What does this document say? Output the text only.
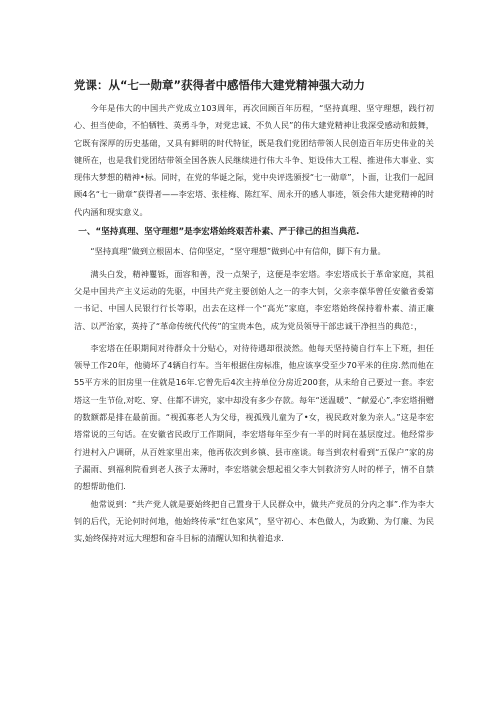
党课：从“七一勋章”获得者中感悟伟大建党精神强大动力

今年是伟大的中国共产党成立103周年，再次回顾百年历程，“坚持真理、坚守理想，践行初心、担当使命，不怕牺牲、英勇斗争，对党忠诚、不负人民”的伟大建党精神让我深受感动和鼓舞，它既有深厚的历史基础，又具有鲜明的时代特征，既是我们党团结带领人民创造百年历史伟业的关键所在，也是我们党团结带领全国各族人民继续进行伟大斗争、矩设伟大工程、推进伟大事业、实现伟大梦想的精神•标。同时，在党的华诞之际，党中央评选颁授“七一勋章”，卜面，让我们一起回顾4名“七一勋章”获得者——李宏塔、张桂梅、陈红军、周永开的感人事迹，领会伟大建党精神的时代内涵和现实意义。

一、“坚持真理、坚守理想”是李宏塔始终艰苦朴素、严于律己的担当典范.

“坚持真理”做到立根固本、信仰坚定，“坚守理想”做到心中有信仰，脚下有力量。

满头白发，精神矍铄，面容和善，没一点架子，这便是李宏塔。李宏塔成长于革命家庭，其祖父是中国共产主义运动的先驱，中国共产党主要创始人之一的李大钊，父亲李葆华曾任安徽省委第一书记、中国人民银行行长等职，出去在这样一个“高光”家庭，李宏塔始终保持着朴素、清正廉洁、以严治家，英持了“革命传统代代传”的宝贵本色，成为党员领导干部忠诚干净担当的典范：，

李宏塔在任职期间对待群众十分贴心，对待待遇却很淡然。他每天坚持骑自行车上下班，担任领导工作20年，他骑坏了4辆自行车。当年根据住房标准，他应该享受至少70平米的住房.然而他在55平方米的旧房里一住就是16年.它曾先后4次主持单位分房近200套，从未给自己要过一套。李宏塔这一生节俭,对吃、穿、住都不讲究，家中却没有多少存款。每年“送温暖”、“献爱心”,李宏塔捐赠的数额都是排在最前面。“视孤寡老人为父母，视孤残儿童为了•女，视民政对象为亲人。”这是李宏塔常说的三句话。在安徽省民政厅工作期间，李宏塔每年至少有一半的时间在基层度过。他经常步行进村入户调研，从百姓家里出来，他再依次到乡镇、县市座谈。每当到农村看到“五保户”家的房子漏雨、到福利院看到老人孩子太薄时，李宏塔就会想起祖父李大钊救济穷人时的样子，情不自禁的想帮助他们.

他常说到：“共产党人就是要始终把自己置身于人民群众中，做共产党员的分内之事”.作为李大钊的后代，无论何时何地，他始终传承“红色家风”，坚守初心、本色做人，为政勤、为仃廉、为民实,始终保持对远大理想和奋斗目标的清醒认知和执着追求.
